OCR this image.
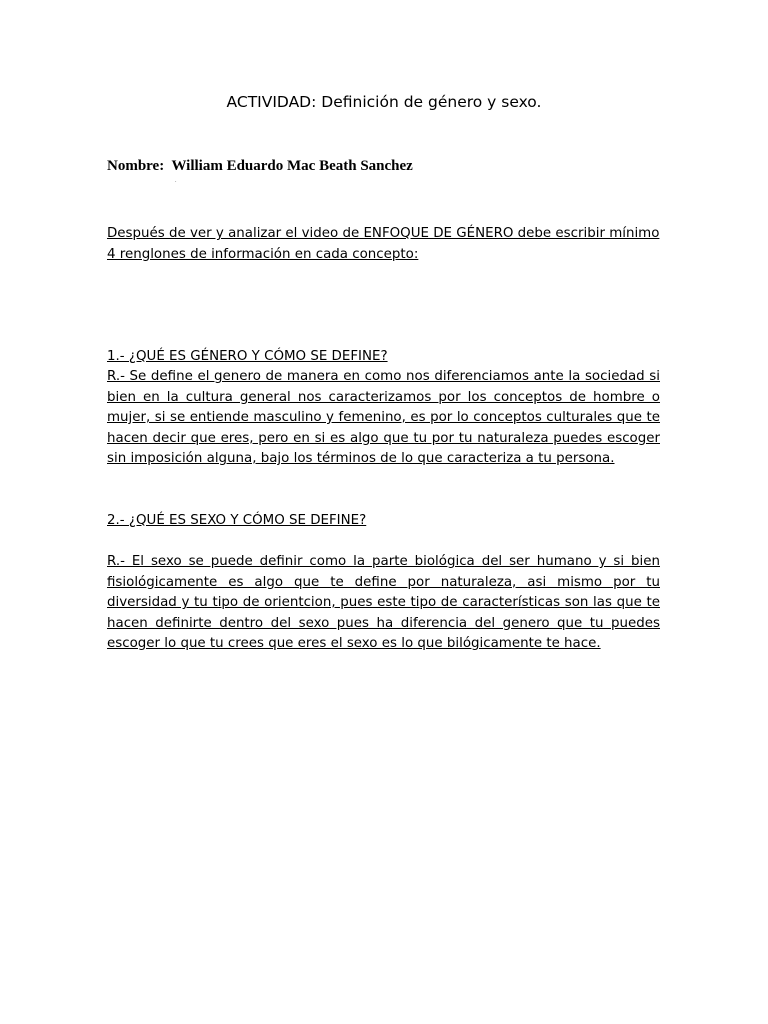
ACTIVIDAD: Definición de género y sexo.
Nombre:  William Eduardo Mac Beath Sanchez
.

Después de ver y analizar el video de ENFOQUE DE GÉNERO debe escribir mínimo 4 renglones de información en cada concepto:

1.- ¿QUÉ ES GÉNERO Y CÓMO SE DEFINE?

R.- Se define el genero de manera en como nos diferenciamos ante la sociedad si bien en la cultura general nos caracterizamos por los conceptos de hombre o mujer, si se entiende masculino y femenino, es por lo conceptos culturales que te hacen decir que eres, pero en si es algo que tu por tu naturaleza puedes escoger sin imposición alguna, bajo los términos de lo que caracteriza a tu persona.

2.- ¿QUÉ ES SEXO Y CÓMO SE DEFINE?

R.- El sexo se puede definir como la parte biológica del ser humano y si bien fisiológicamente es algo que te define por naturaleza, asi mismo por tu diversidad y tu tipo de orientcion, pues este tipo de características son las que te hacen definirte dentro del sexo pues ha diferencia del genero que tu puedes escoger lo que tu crees que eres el sexo es lo que bilógicamente te hace.
